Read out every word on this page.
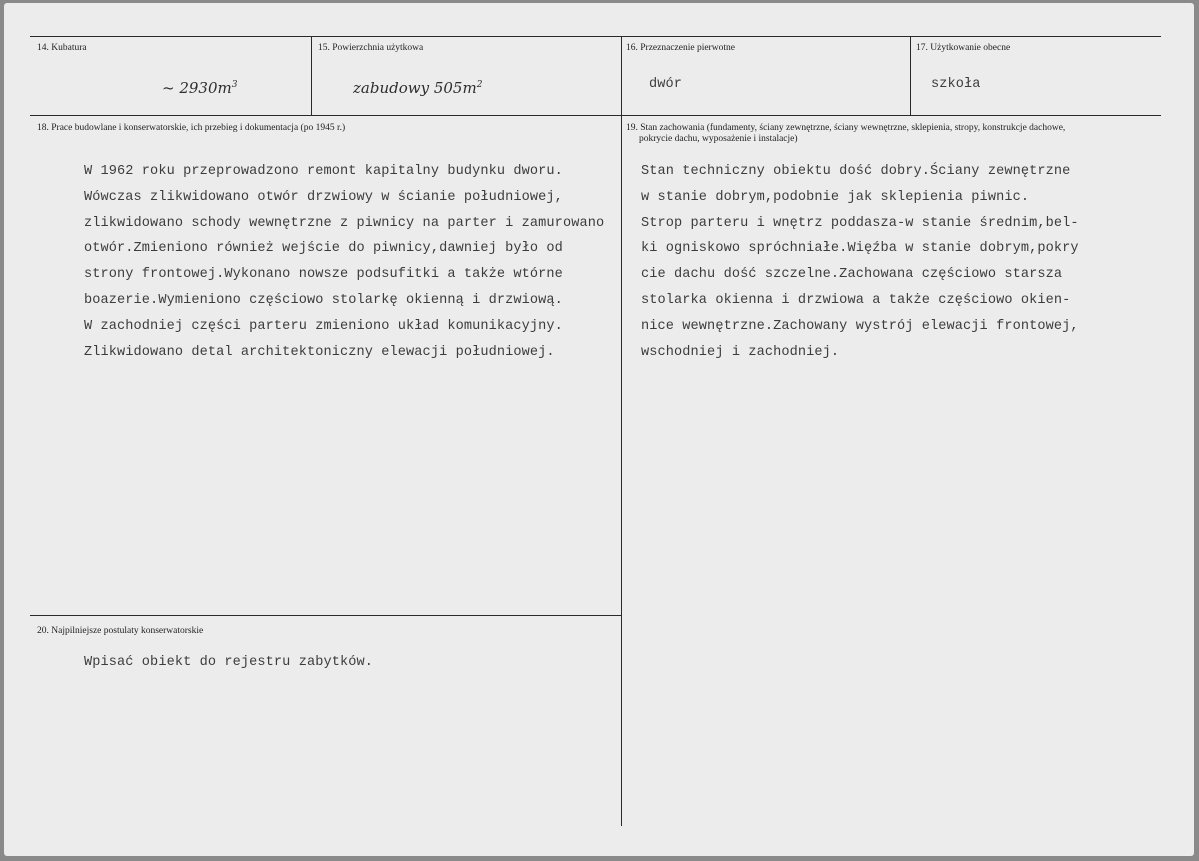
14. Kubatura
~ $2930m^3$
15. Powierzchnia użytkowa
zabudowy $505m^2$
16. Przeznaczenie pierwotne
dwór
17. Użytkowanie obecne
szkoła
18. Prace budowlane i konserwatorskie, ich przebieg i dokumentacja (po 1945 r.)
W 1962 roku przeprowadzono remont kapitalny budynku dworu.
Wówczas zlikwidowano otwór drzwiowy w ścianie południowej,
zlikwidowano schody wewnętrzne z piwnicy na parter i zamurowano
otwór.Zmieniono również wejście do piwnicy,dawniej było od
strony frontowej.Wykonano nowsze podsufitki a także wtórne
boazerie.Wymieniono częściowo stolarkę okienną i drzwiową.
W zachodniej części parteru zmieniono układ komunikacyjny.
Zlikwidowano detal architektoniczny elewacji południowej.
19. Stan zachowania (fundamenty, ściany zewnętrzne, ściany wewnętrzne, sklepienia, stropy, konstrukcje dachowe,
pokrycie dachu, wyposażenie i instalacje)
Stan techniczny obiektu dość dobry.Ściany zewnętrzne
w stanie dobrym,podobnie jak sklepienia piwnic.
Strop parteru i wnętrz poddasza-w stanie średnim,bel-
ki ogniskowo spróchniałe.Więźba w stanie dobrym,pokry
cie dachu dość szczelne.Zachowana częściowo starsza
stolarka okienna i drzwiowa a także częściowo okien-
nice wewnętrzne.Zachowany wystrój elewacji frontowej,
wschodniej i zachodniej.
20. Najpilniejsze postulaty konserwatorskie
Wpisać obiekt do rejestru zabytków.
